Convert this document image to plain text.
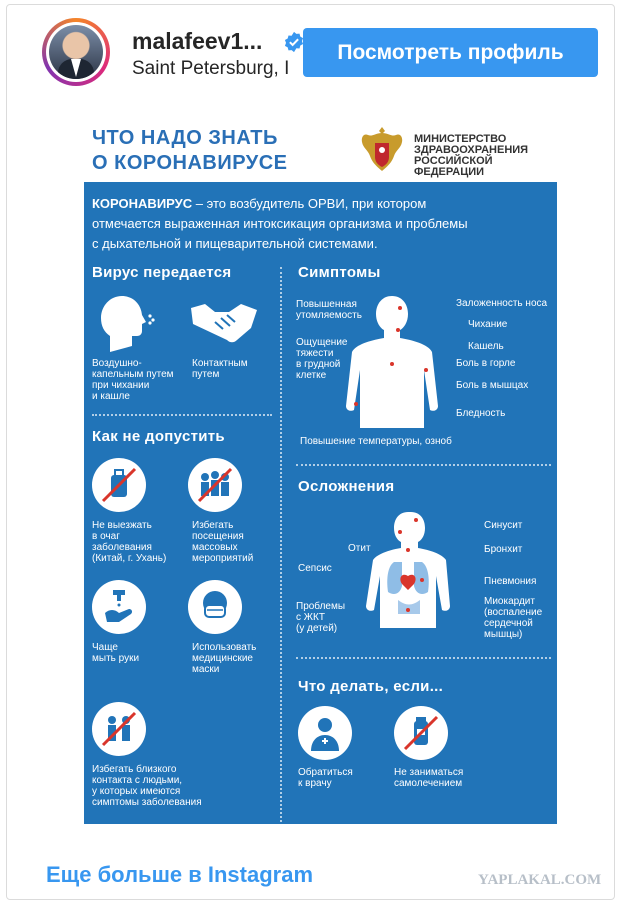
malafeev1...
Saint Petersburg, I
Посмотреть профиль
ЧТО НАДО ЗНАТЬ
О КОРОНАВИРУСЕ
МИНИСТЕРСТВО
ЗДРАВООХРАНЕНИЯ
РОССИЙСКОЙ ФЕДЕРАЦИИ
КОРОНАВИРУС – это возбудитель ОРВИ, при котором отмечается выраженная интоксикация организма и проблемы с дыхательной и пищеварительной системами.
Вирус передается
Воздушно-
капельным путем
при чихании
и кашле
Контактным
путем
Как не допустить
Не выезжать
в очаг
заболевания
(Китай, г. Ухань)
Избегать
посещения
массовых
мероприятий
Чаще
мыть руки
Использовать
медицинские
маски
Избегать близкого
контакта с людьми,
у которых имеются
симптомы заболевания
Симптомы
Повышенная
утомляемость
Ощущение
тяжести
в грудной
клетке
Заложенность носа
Чихание
Кашель
Боль в горле
Боль в мышцах
Бледность
Повышение температуры, озноб
Осложнения
Отит
Сепсис
Проблемы
с ЖКТ
(у детей)
Синусит
Бронхит
Пневмония
Миокардит
(воспаление
сердечной
мышцы)
Что делать, если...
Обратиться
к врачу
Не заниматься
самолечением
Еще больше в Instagram	YAPLAKAL.COM
